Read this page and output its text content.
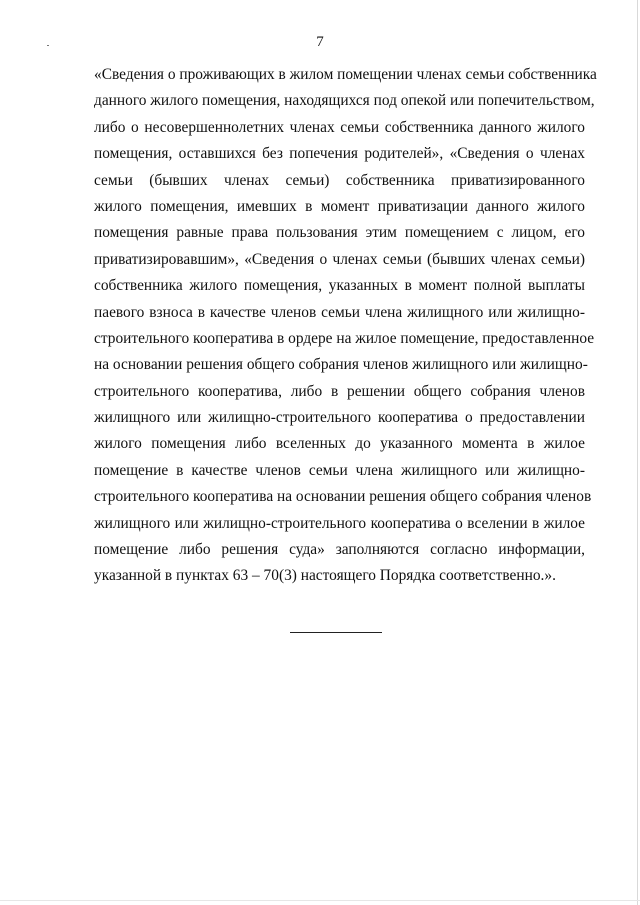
7
«Сведения о проживающих в жилом помещении членах семьи собственника
данного жилого помещения, находящихся под опекой или попечительством,
либо о несовершеннолетних членах семьи собственника данного жилого
помещения, оставшихся без попечения родителей», «Сведения о членах
семьи (бывших членах семьи) собственника приватизированного
жилого помещения, имевших в момент приватизации данного жилого
помещения равные права пользования этим помещением с лицом, его
приватизировавшим», «Сведения о членах семьи (бывших членах семьи)
собственника жилого помещения, указанных в момент полной выплаты
паевого взноса в качестве членов семьи члена жилищного или жилищно-
строительного кооператива в ордере на жилое помещение, предоставленное
на основании решения общего собрания членов жилищного или жилищно-
строительного кооператива, либо в решении общего собрания членов
жилищного или жилищно-строительного кооператива о предоставлении
жилого помещения либо вселенных до указанного момента в жилое
помещение в качестве членов семьи члена жилищного или жилищно-
строительного кооператива на основании решения общего собрания членов
жилищного или жилищно-строительного кооператива о вселении в жилое
помещение либо решения суда» заполняются согласно информации,
указанной в пунктах 63 – 70(3) настоящего Порядка соответственно.».
